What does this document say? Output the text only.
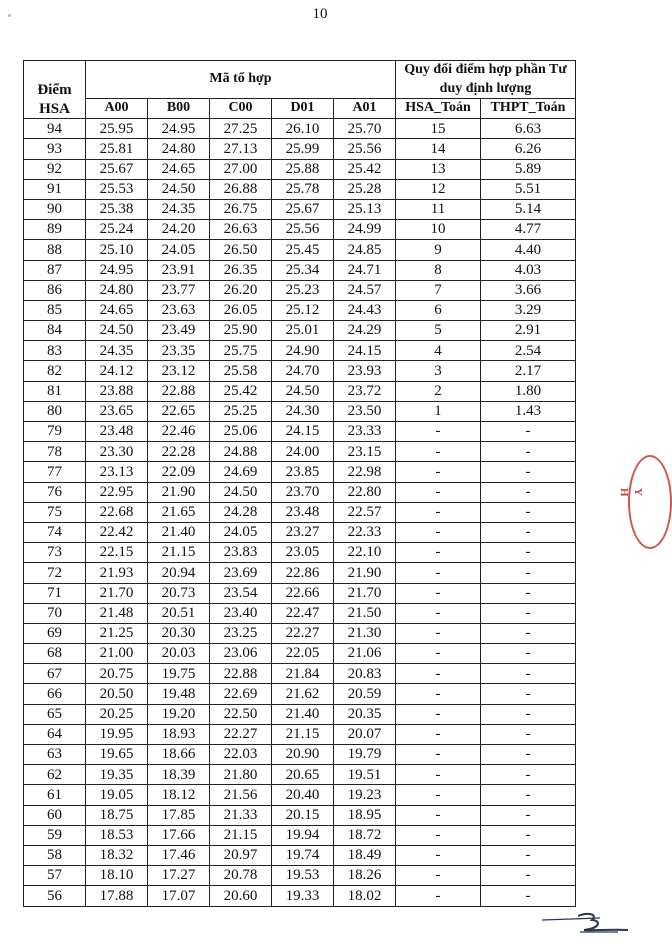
10
Điểm HSA	Mã tổ hợp					Quy đổi điểm hợp phần Tư duy định lượng	
	A00	B00	C00	D01	A01	HSA_Toán	THPT_Toán
94	25.95	24.95	27.25	26.10	25.70	15	6.63
93	25.81	24.80	27.13	25.99	25.56	14	6.26
92	25.67	24.65	27.00	25.88	25.42	13	5.89
91	25.53	24.50	26.88	25.78	25.28	12	5.51
90	25.38	24.35	26.75	25.67	25.13	11	5.14
89	25.24	24.20	26.63	25.56	24.99	10	4.77
88	25.10	24.05	26.50	25.45	24.85	9	4.40
87	24.95	23.91	26.35	25.34	24.71	8	4.03
86	24.80	23.77	26.20	25.23	24.57	7	3.66
85	24.65	23.63	26.05	25.12	24.43	6	3.29
84	24.50	23.49	25.90	25.01	24.29	5	2.91
83	24.35	23.35	25.75	24.90	24.15	4	2.54
82	24.12	23.12	25.58	24.70	23.93	3	2.17
81	23.88	22.88	25.42	24.50	23.72	2	1.80
80	23.65	22.65	25.25	24.30	23.50	1	1.43
79	23.48	22.46	25.06	24.15	23.33	-	-
78	23.30	22.28	24.88	24.00	23.15	-	-
77	23.13	22.09	24.69	23.85	22.98	-	-
76	22.95	21.90	24.50	23.70	22.80	-	-
75	22.68	21.65	24.28	23.48	22.57	-	-
74	22.42	21.40	24.05	23.27	22.33	-	-
73	22.15	21.15	23.83	23.05	22.10	-	-
72	21.93	20.94	23.69	22.86	21.90	-	-
71	21.70	20.73	23.54	22.66	21.70	-	-
70	21.48	20.51	23.40	22.47	21.50	-	-
69	21.25	20.30	23.25	22.27	21.30	-	-
68	21.00	20.03	23.06	22.05	21.06	-	-
67	20.75	19.75	22.88	21.84	20.83	-	-
66	20.50	19.48	22.69	21.62	20.59	-	-
65	20.25	19.20	22.50	21.40	20.35	-	-
64	19.95	18.93	22.27	21.15	20.07	-	-
63	19.65	18.66	22.03	20.90	19.79	-	-
62	19.35	18.39	21.80	20.65	19.51	-	-
61	19.05	18.12	21.56	20.40	19.23	-	-
60	18.75	17.85	21.33	20.15	18.95	-	-
59	18.53	17.66	21.15	19.94	18.72	-	-
58	18.32	17.46	20.97	19.74	18.49	-	-
57	18.10	17.27	20.78	19.53	18.26	-	-
56	17.88	17.07	20.60	19.33	18.02	-	-
Y H
